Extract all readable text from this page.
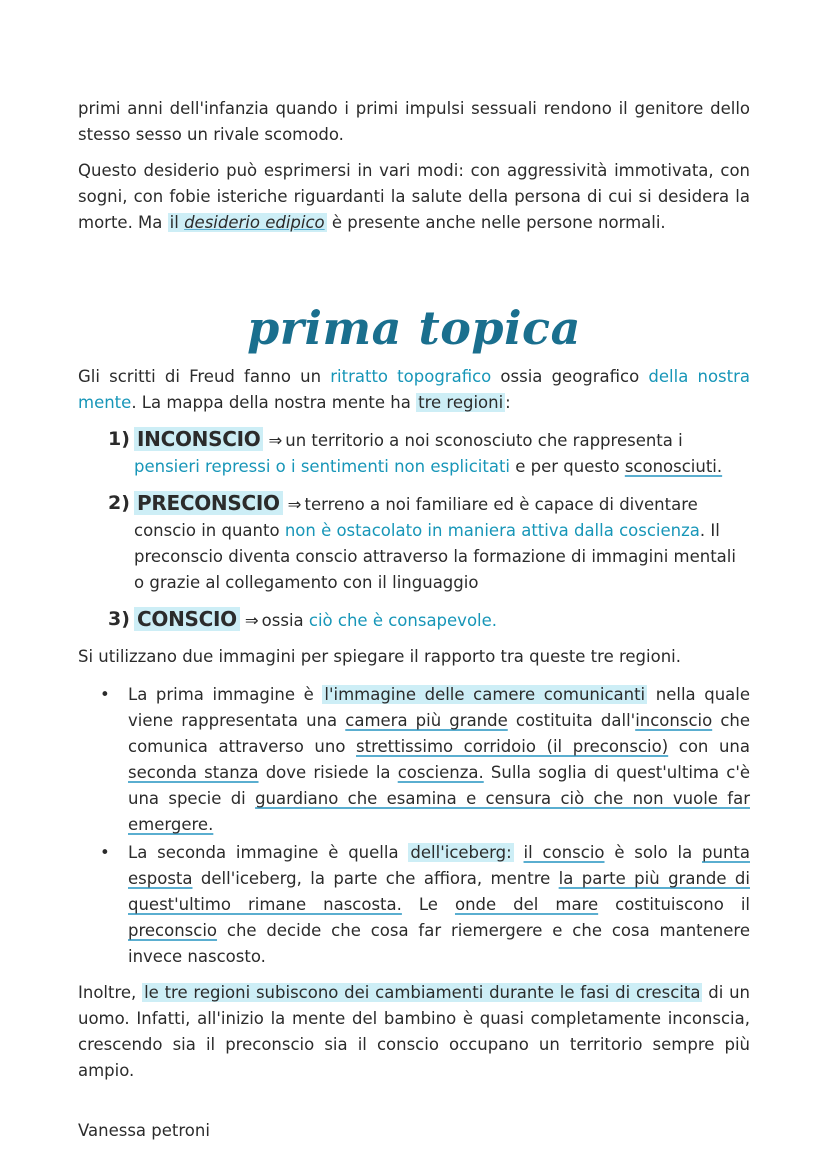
primi anni dell'infanzia quando i primi impulsi sessuali rendono il genitore dello stesso sesso un rivale scomodo.

Questo desiderio può esprimersi in vari modi: con aggressività immotivata, con sogni, con fobie isteriche riguardanti la salute della persona di cui si desidera la morte. Ma il desiderio edipico è presente anche nelle persone normali.

prima topica

Gli scritti di Freud fanno un ritratto topografico ossia geografico della nostra mente. La mappa della nostra mente ha tre regioni :

1) INCONSCIO ⇒ un territorio a noi sconosciuto che rappresenta i pensieri repressi o i sentimenti non esplicitati e per questo sconosciuti.
2) PRECONSCIO ⇒ terreno a noi familiare ed è capace di diventare conscio in quanto non è ostacolato in maniera attiva dalla coscienza. Il preconscio diventa conscio attraverso la formazione di immagini mentali o grazie al collegamento con il linguaggio
3) CONSCIO ⇒ ossia ciò che è consapevole.

Si utilizzano due immagini per spiegare il rapporto tra queste tre regioni.

•	La prima immagine è l'immagine delle camere comunicanti nella quale viene rappresentata una camera più grande costituita dall'inconscio che comunica attraverso uno strettissimo corridoio (il preconscio) con una seconda stanza dove risiede la coscienza. Sulla soglia di quest'ultima c'è una specie di guardiano che esamina e censura ciò che non vuole far emergere.
•	La seconda immagine è quella dell'iceberg: il conscio è solo la punta esposta dell'iceberg, la parte che affiora, mentre la parte più grande di quest'ultimo rimane nascosta. Le onde del mare costituiscono il preconscio che decide che cosa far riemergere e che cosa mantenere invece nascosto.

Inoltre, le tre regioni subiscono dei cambiamenti durante le fasi di crescita di un uomo. Infatti, all'inizio la mente del bambino è quasi completamente inconscia, crescendo sia il preconscio sia il conscio occupano un territorio sempre più ampio.

Vanessa petroni
